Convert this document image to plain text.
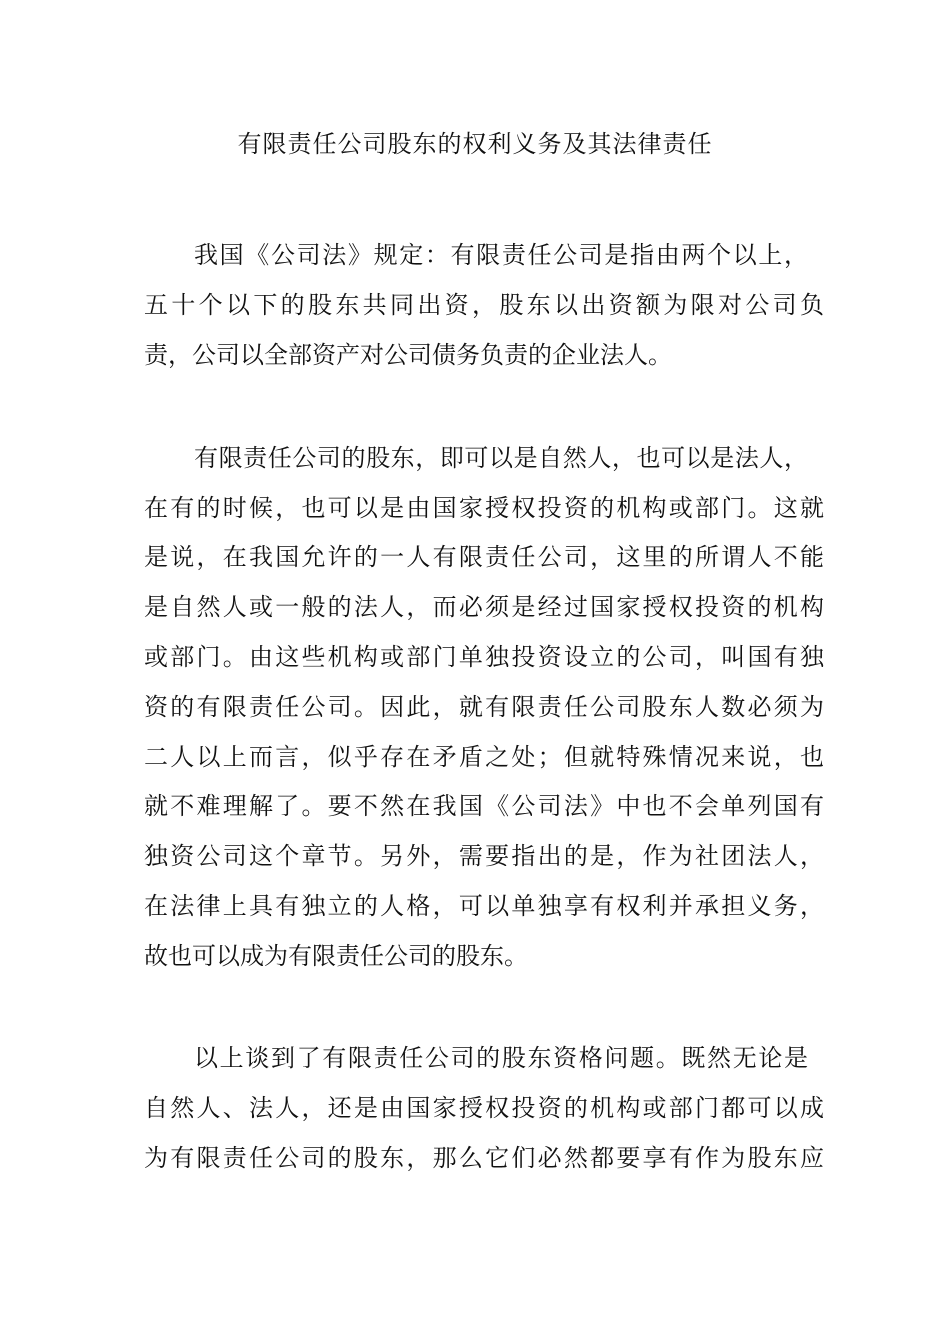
有限责任公司股东的权利义务及其法律责任

我国《公司法》规定：有限责任公司是指由两个以上，

五十个以下的股东共同出资，股东以出资额为限对公司负

责，公司以全部资产对公司债务负责的企业法人。

有限责任公司的股东，即可以是自然人，也可以是法人，

在有的时候，也可以是由国家授权投资的机构或部门。这就

是说，在我国允许的一人有限责任公司，这里的所谓人不能

是自然人或一般的法人，而必须是经过国家授权投资的机构

或部门。由这些机构或部门单独投资设立的公司，叫国有独

资的有限责任公司。因此，就有限责任公司股东人数必须为

二人以上而言，似乎存在矛盾之处；但就特殊情况来说，也

就不难理解了。要不然在我国《公司法》中也不会单列国有

独资公司这个章节。另外，需要指出的是，作为社团法人，

在法律上具有独立的人格，可以单独享有权利并承担义务，

故也可以成为有限责任公司的股东。

以上谈到了有限责任公司的股东资格问题。既然无论是

自然人、法人，还是由国家授权投资的机构或部门都可以成

为有限责任公司的股东，那么它们必然都要享有作为股东应
